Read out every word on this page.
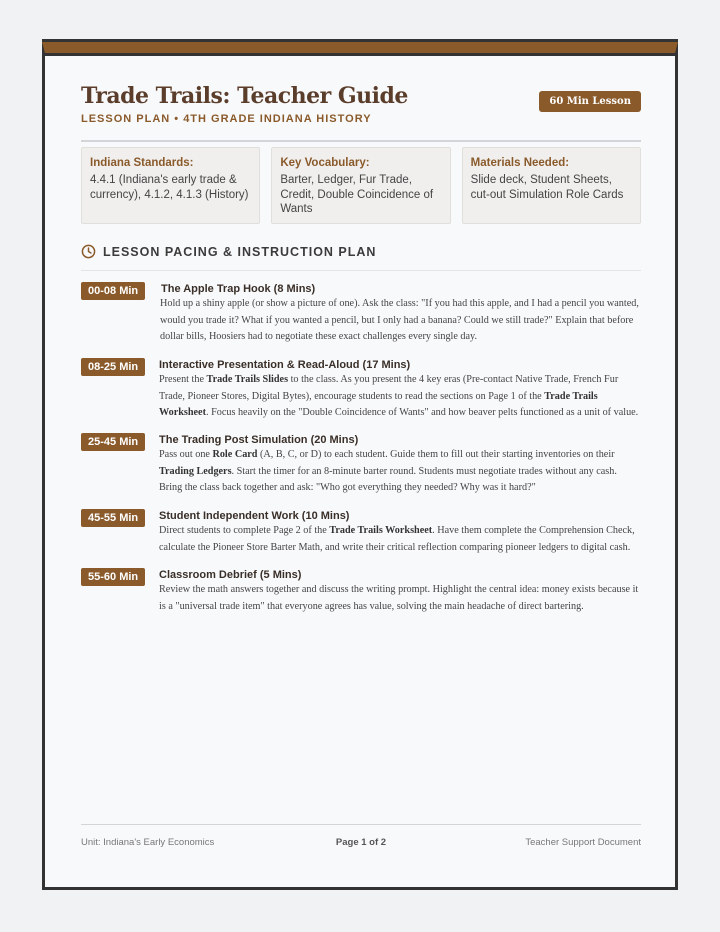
Trade Trails: Teacher Guide
LESSON PLAN • 4TH GRADE INDIANA HISTORY
60 Min Lesson
Indiana Standards:
4.4.1 (Indiana's early trade & currency), 4.1.2, 4.1.3 (History)
Key Vocabulary:
Barter, Ledger, Fur Trade, Credit, Double Coincidence of Wants
Materials Needed:
Slide deck, Student Sheets, cut-out Simulation Role Cards
LESSON PACING & INSTRUCTION PLAN
00-08 Min	The Apple Trap Hook (8 Mins)
Hold up a shiny apple (or show a picture of one). Ask the class: "If you had this apple, and I had a pencil you wanted, would you trade it? What if you wanted a pencil, but I only had a banana? Could we still trade?" Explain that before dollar bills, Hoosiers had to negotiate these exact challenges every single day.
08-25 Min	Interactive Presentation & Read-Aloud (17 Mins)
Present the Trade Trails Slides to the class. As you present the 4 key eras (Pre-contact Native Trade, French Fur Trade, Pioneer Stores, Digital Bytes), encourage students to read the sections on Page 1 of the Trade Trails Worksheet. Focus heavily on the "Double Coincidence of Wants" and how beaver pelts functioned as a unit of value.
25-45 Min	The Trading Post Simulation (20 Mins)
Pass out one Role Card (A, B, C, or D) to each student. Guide them to fill out their starting inventories on their Trading Ledgers. Start the timer for an 8-minute barter round. Students must negotiate trades without any cash. Bring the class back together and ask: "Who got everything they needed? Why was it hard?"
45-55 Min	Student Independent Work (10 Mins)
Direct students to complete Page 2 of the Trade Trails Worksheet. Have them complete the Comprehension Check, calculate the Pioneer Store Barter Math, and write their critical reflection comparing pioneer ledgers to digital cash.
55-60 Min	Classroom Debrief (5 Mins)
Review the math answers together and discuss the writing prompt. Highlight the central idea: money exists because it is a "universal trade item" that everyone agrees has value, solving the main headache of direct bartering.
Unit: Indiana's Early Economics	Page 1 of 2	Teacher Support Document
